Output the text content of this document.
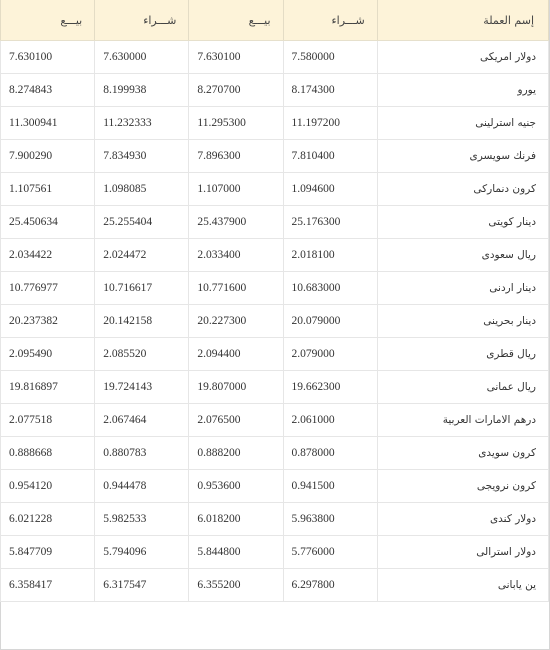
إسم العملة	شـــراء	بيـــع	شـــراء	بيـــع
دولار امريكى	7.580000	7.630100	7.630000	7.630100
يورو	8.174300	8.270700	8.199938	8.274843
جنيه استرلينى	11.197200	11.295300	11.232333	11.300941
فرنك سويسرى	7.810400	7.896300	7.834930	7.900290
كرون دنماركى	1.094600	1.107000	1.098085	1.107561
دينار كويتى	25.176300	25.437900	25.255404	25.450634
ريال سعودى	2.018100	2.033400	2.024472	2.034422
دينار اردنى	10.683000	10.771600	10.716617	10.776977
دينار بحرينى	20.079000	20.227300	20.142158	20.237382
ريال قطرى	2.079000	2.094400	2.085520	2.095490
ريال عمانى	19.662300	19.807000	19.724143	19.816897
درهم الامارات العربية	2.061000	2.076500	2.067464	2.077518
كرون سويدى	0.878000	0.888200	0.880783	0.888668
كرون نرويجى	0.941500	0.953600	0.944478	0.954120
دولار كندى	5.963800	6.018200	5.982533	6.021228
دولار استرالى	5.776000	5.844800	5.794096	5.847709
ين يابانى	6.297800	6.355200	6.317547	6.358417
